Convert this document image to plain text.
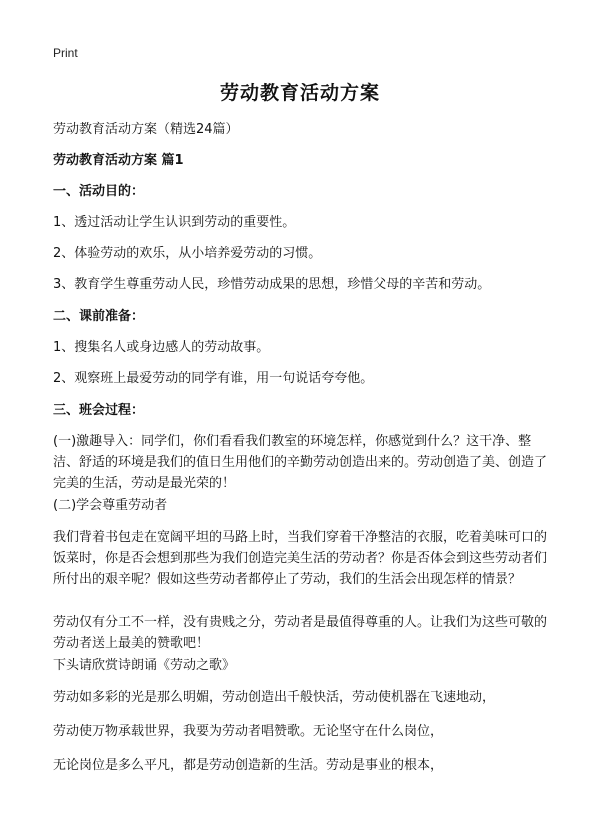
Print
劳动教育活动方案
劳动教育活动方案（精选24篇）
劳动教育活动方案 篇1
一、活动目的：
1、透过活动让学生认识到劳动的重要性。
2、体验劳动的欢乐，从小培养爱劳动的习惯。
3、教育学生尊重劳动人民，珍惜劳动成果的思想，珍惜父母的辛苦和劳动。
二、课前准备：
1、搜集名人或身边感人的劳动故事。
2、观察班上最爱劳动的同学有谁，用一句说话夸夸他。
三、班会过程：
(一)激趣导入：同学们，你们看看我们教室的环境怎样，你感觉到什么？这干净、整洁、舒适的环境是我们的值日生用他们的辛勤劳动创造出来的。劳动创造了美、创造了完美的生活，劳动是最光荣的！
(二)学会尊重劳动者
我们背着书包走在宽阔平坦的马路上时，当我们穿着干净整洁的衣服，吃着美味可口的饭菜时，你是否会想到那些为我们创造完美生活的劳动者？你是否体会到这些劳动者们所付出的艰辛呢？假如这些劳动者都停止了劳动，我们的生活会出现怎样的情景？
劳动仅有分工不一样，没有贵贱之分，劳动者是最值得尊重的人。让我们为这些可敬的劳动者送上最美的赞歌吧！
下头请欣赏诗朗诵《劳动之歌》
劳动如多彩的光是那么明媚，劳动创造出千般快活，劳动使机器在飞速地动，
劳动使万物承载世界，我要为劳动者唱赞歌。无论坚守在什么岗位，
无论岗位是多么平凡，都是劳动创造新的生活。劳动是事业的根本，
